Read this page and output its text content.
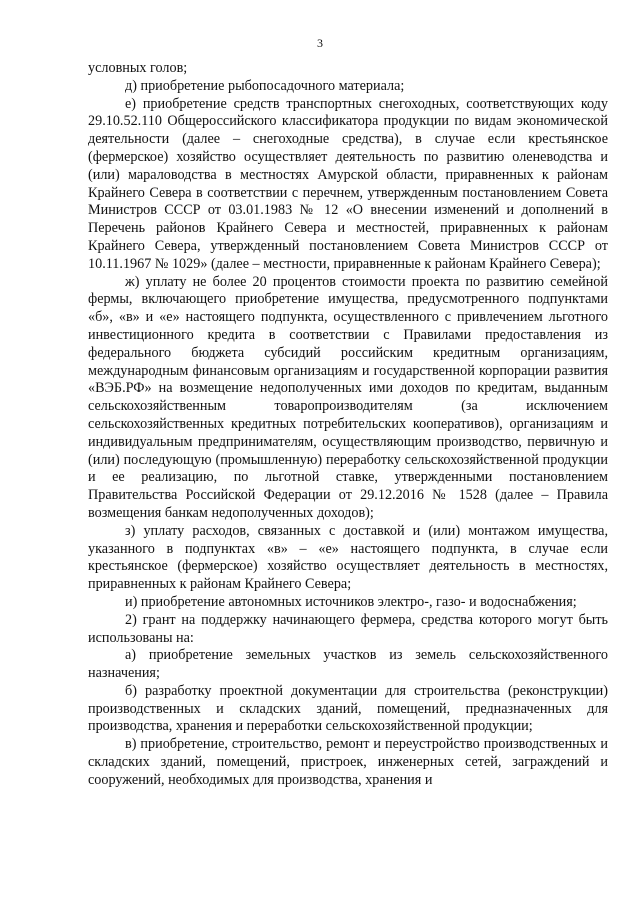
3

условных голов;

д) приобретение рыбопосадочного материала;

е) приобретение средств транспортных снегоходных, соответствующих коду 29.10.52.110 Общероссийского классификатора продукции по видам экономической деятельности (далее – снегоходные средства), в случае если крестьянское (фермерское) хозяйство осуществляет деятельность по развитию оленеводства и (или) мараловодства в местностях Амурской области, приравненных к районам Крайнего Севера в соответствии с перечнем, утвержденным постановлением Совета Министров СССР от 03.01.1983 № 12 «О внесении изменений и дополнений в Перечень районов Крайнего Севера и местностей, приравненных к районам Крайнего Севера, утвержденный постановлением Совета Министров СССР от 10.11.1967 № 1029» (далее – местности, приравненные к районам Крайнего Севера);

ж) уплату не более 20 процентов стоимости проекта по развитию семейной фермы, включающего приобретение имущества, предусмотренного подпунктами «б», «в» и «е» настоящего подпункта, осуществленного с привлечением льготного инвестиционного кредита в соответствии с Правилами предоставления из федерального бюджета субсидий российским кредитным организациям, международным финансовым организациям и государственной корпорации развития «ВЭБ.РФ» на возмещение недополученных ими доходов по кредитам, выданным сельскохозяйственным товаропроизводителям (за исключением сельскохозяйственных кредитных потребительских кооперативов), организациям и индивидуальным предпринимателям, осуществляющим производство, первичную и (или) последующую (промышленную) переработку сельскохозяйственной продукции и ее реализацию, по льготной ставке, утвержденными постановлением Правительства Российской Федерации от 29.12.2016 № 1528 (далее – Правила возмещения банкам недополученных доходов);

з) уплату расходов, связанных с доставкой и (или) монтажом имущества, указанного в подпунктах «в» – «е» настоящего подпункта, в случае если крестьянское (фермерское) хозяйство осуществляет деятельность в местностях, приравненных к районам Крайнего Севера;

и) приобретение автономных источников электро-, газо- и водоснабжения;

2) грант на поддержку начинающего фермера, средства которого могут быть использованы на:

а) приобретение земельных участков из земель сельскохозяйственного назначения;

б) разработку проектной документации для строительства (реконструкции) производственных и складских зданий, помещений, предназначенных для производства, хранения и переработки сельскохозяйственной продукции;

в) приобретение, строительство, ремонт и переустройство производственных и складских зданий, помещений, пристроек, инженерных сетей, заграждений и сооружений, необходимых для производства, хранения и
